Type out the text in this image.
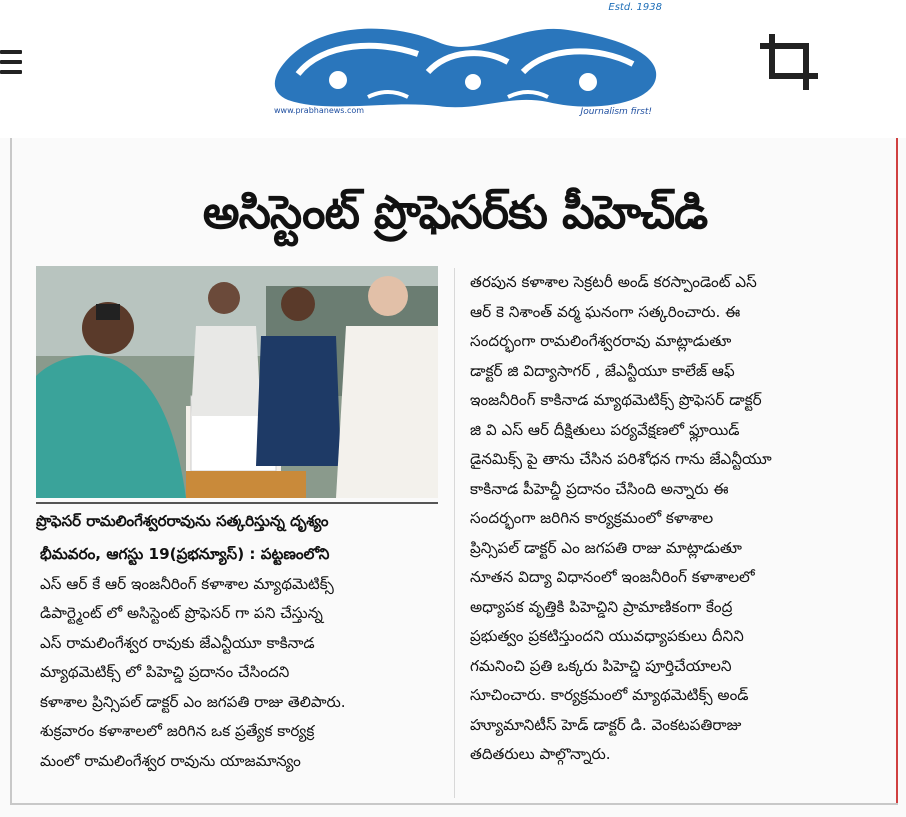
Estd. 1938
www.prabhanews.com	Journalism first!
అసిస్టెంట్ ప్రొఫెసర్‌కు పీహెచ్‌డి
ప్రొఫెసర్ రామలింగేశ్వరరావును సత్కరిస్తున్న దృశ్యం
భీమవరం, ఆగస్టు 19(ప్రభన్యూస్) : పట్టణంలోని
ఎస్ ఆర్ కే ఆర్ ఇంజనీరింగ్ కళాశాల మ్యాథమెటిక్స్
డిపార్ట్మెంట్ లో అసిస్టెంట్ ప్రొఫెసర్ గా పని చేస్తున్న
ఎస్ రామలింగేశ్వర రావుకు జేఎన్టీయూ కాకినాడ
మ్యాథమెటిక్స్ లో పిహెచ్డి ప్రదానం చేసిందని
కళాశాల ప్రిన్సిపల్ డాక్టర్ ఎం జగపతి రాజు తెలిపారు.
శుక్రవారం కళాశాలలో జరిగిన ఒక ప్రత్యేక కార్యక్ర
మంలో రామలింగేశ్వర రావును యాజమాన్యం
తరపున కళాశాల సెక్రటరీ అండ్ కరస్పాండెంట్ ఎస్
ఆర్ కె నిశాంత్ వర్మ ఘనంగా సత్కరించారు. ఈ
సందర్భంగా రామలింగేశ్వరరావు మాట్లాడుతూ
డాక్టర్ జి విద్యాసాగర్ , జేఎన్టీయూ కాలేజ్ ఆఫ్
ఇంజనీరింగ్ కాకినాడ మ్యాథమెటిక్స్ ప్రొఫెసర్ డాక్టర్
జి వి ఎస్ ఆర్ దీక్షితులు పర్యవేక్షణలో ఫ్లూయిడ్
డైనమిక్స్ పై తాను చేసిన పరిశోధన గాను జేఎన్టీయూ
కాకినాడ పీహెచ్డీ ప్రదానం చేసింది అన్నారు ఈ
సందర్భంగా జరిగిన కార్యక్రమంలో కళాశాల
ప్రిన్సిపల్ డాక్టర్ ఎం జగపతి రాజు మాట్లాడుతూ
నూతన విద్యా విధానంలో ఇంజనీరింగ్ కళాశాలలో
అధ్యాపక వృత్తికి పిహెచ్డిని ప్రామాణికంగా కేంద్ర
ప్రభుత్వం ప్రకటిస్తుందని యువధ్యాపకులు దీనిని
గమనించి ప్రతి ఒక్కరు పిహెచ్డి పూర్తిచేయాలని
సూచించారు. కార్యక్రమంలో మ్యాథమెటిక్స్ అండ్
హ్యూమానిటీస్ హెడ్ డాక్టర్ డి. వెంకటపతిరాజు
తదితరులు పాల్గొన్నారు.
